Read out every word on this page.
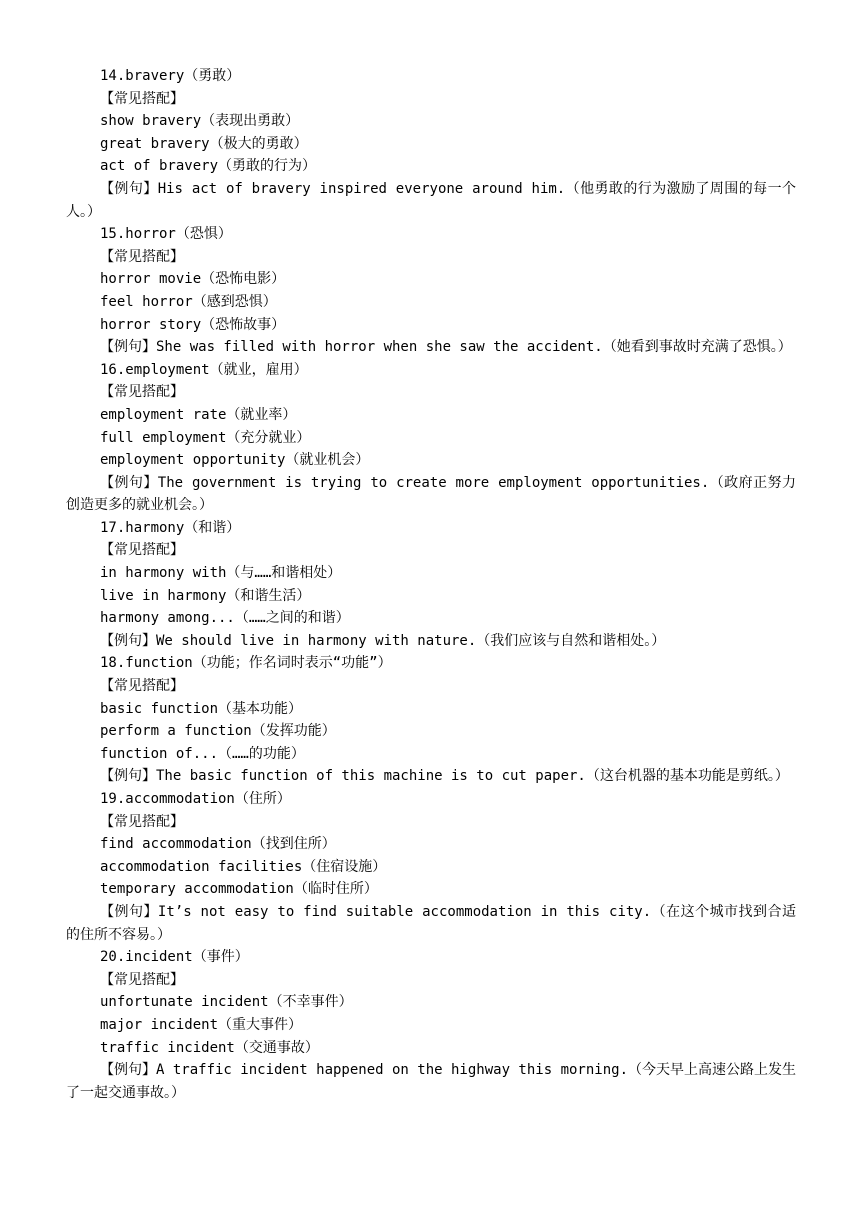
14.bravery（勇敢）
【常见搭配】
show bravery（表现出勇敢）
great bravery（极大的勇敢）
act of bravery（勇敢的行为）
【例句】His act of bravery inspired everyone around him.（他勇敢的行为激励了周围的每一个人。）
15.horror（恐惧）
【常见搭配】
horror movie（恐怖电影）
feel horror（感到恐惧）
horror story（恐怖故事）
【例句】She was filled with horror when she saw the accident.（她看到事故时充满了恐惧。）
16.employment（就业，雇用）
【常见搭配】
employment rate（就业率）
full employment（充分就业）
employment opportunity（就业机会）
【例句】The government is trying to create more employment opportunities.（政府正努力创造更多的就业机会。）
17.harmony（和谐）
【常见搭配】
in harmony with（与……和谐相处）
live in harmony（和谐生活）
harmony among...（……之间的和谐）
【例句】We should live in harmony with nature.（我们应该与自然和谐相处。）
18.function（功能；作名词时表示“功能”）
【常见搭配】
basic function（基本功能）
perform a function（发挥功能）
function of...（……的功能）
【例句】The basic function of this machine is to cut paper.（这台机器的基本功能是剪纸。）
19.accommodation（住所）
【常见搭配】
find accommodation（找到住所）
accommodation facilities（住宿设施）
temporary accommodation（临时住所）
【例句】It’s not easy to find suitable accommodation in this city.（在这个城市找到合适的住所不容易。）
20.incident（事件）
【常见搭配】
unfortunate incident（不幸事件）
major incident（重大事件）
traffic incident（交通事故）
【例句】A traffic incident happened on the highway this morning.（今天早上高速公路上发生了一起交通事故。）
